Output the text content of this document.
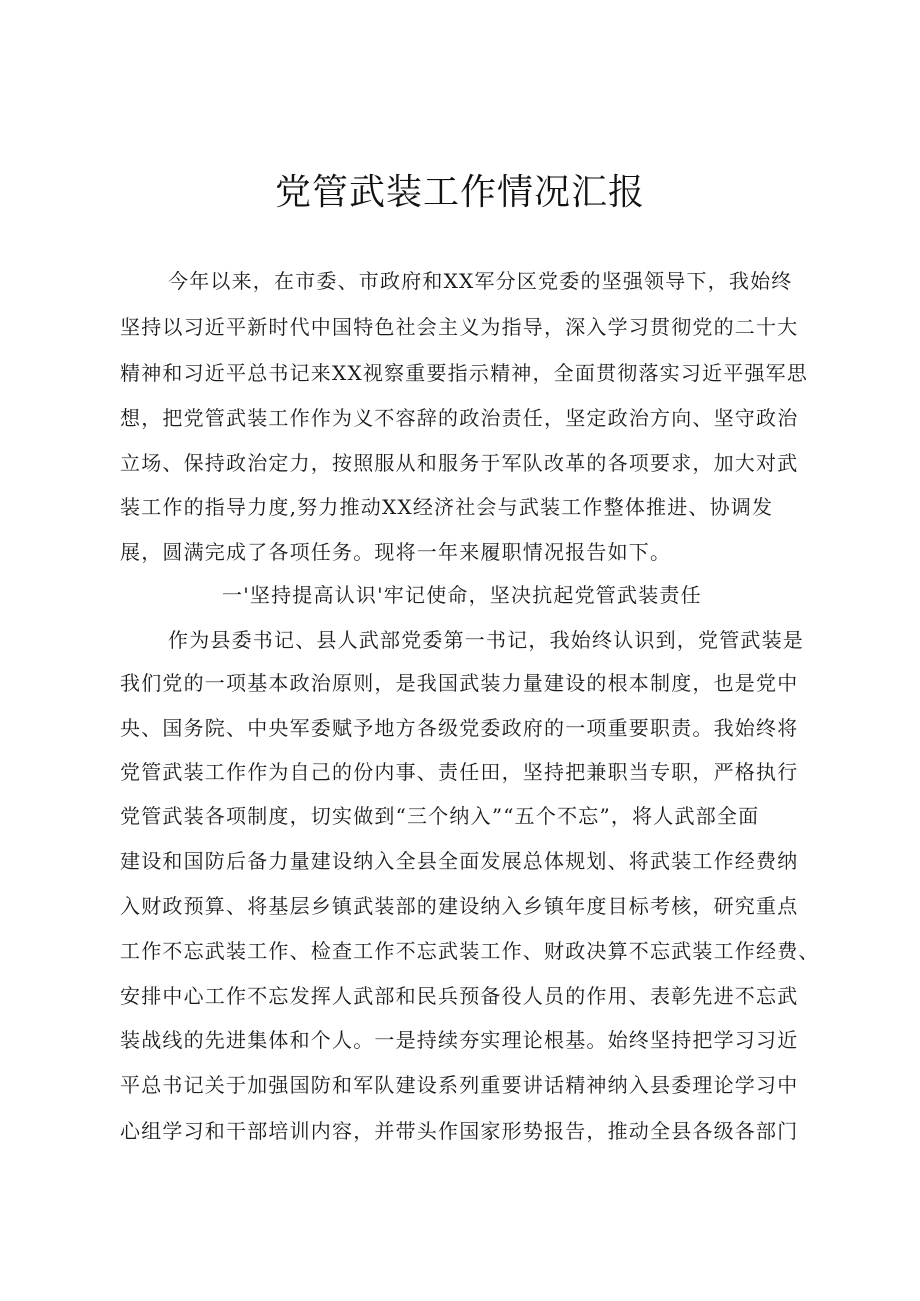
党管武装工作情况汇报
今年以来，在市委、市政府和XX军分区党委的坚强领导下，我始终
坚持以习近平新时代中国特色社会主义为指导，深入学习贯彻党的二十大
精神和习近平总书记来XX视察重要指示精神，全面贯彻落实习近平强军思
想，把党管武装工作作为义不容辞的政治责任，坚定政治方向、坚守政治
立场、保持政治定力，按照服从和服务于军队改革的各项要求，加大对武
装工作的指导力度,努力推动XX经济社会与武装工作整体推进、协调发
展，圆满完成了各项任务。现将一年来履职情况报告如下。
一'坚持提高认识'牢记使命，坚决抗起党管武装责任
作为县委书记、县人武部党委第一书记，我始终认识到，党管武装是
我们党的一项基本政治原则，是我国武装力量建设的根本制度，也是党中
央、国务院、中央军委赋予地方各级党委政府的一项重要职责。我始终将
党管武装工作作为自己的份内事、责任田，坚持把兼职当专职，严格执行
党管武装各项制度，切实做到“三个纳入”“五个不忘”，将人武部全面
建设和国防后备力量建设纳入全县全面发展总体规划、将武装工作经费纳
入财政预算、将基层乡镇武装部的建设纳入乡镇年度目标考核，研究重点
工作不忘武装工作、检查工作不忘武装工作、财政决算不忘武装工作经费、
安排中心工作不忘发挥人武部和民兵预备役人员的作用、表彰先进不忘武
装战线的先进集体和个人。一是持续夯实理论根基。始终坚持把学习习近
平总书记关于加强国防和军队建设系列重要讲话精神纳入县委理论学习中
心组学习和干部培训内容，并带头作国家形势报告，推动全县各级各部门
